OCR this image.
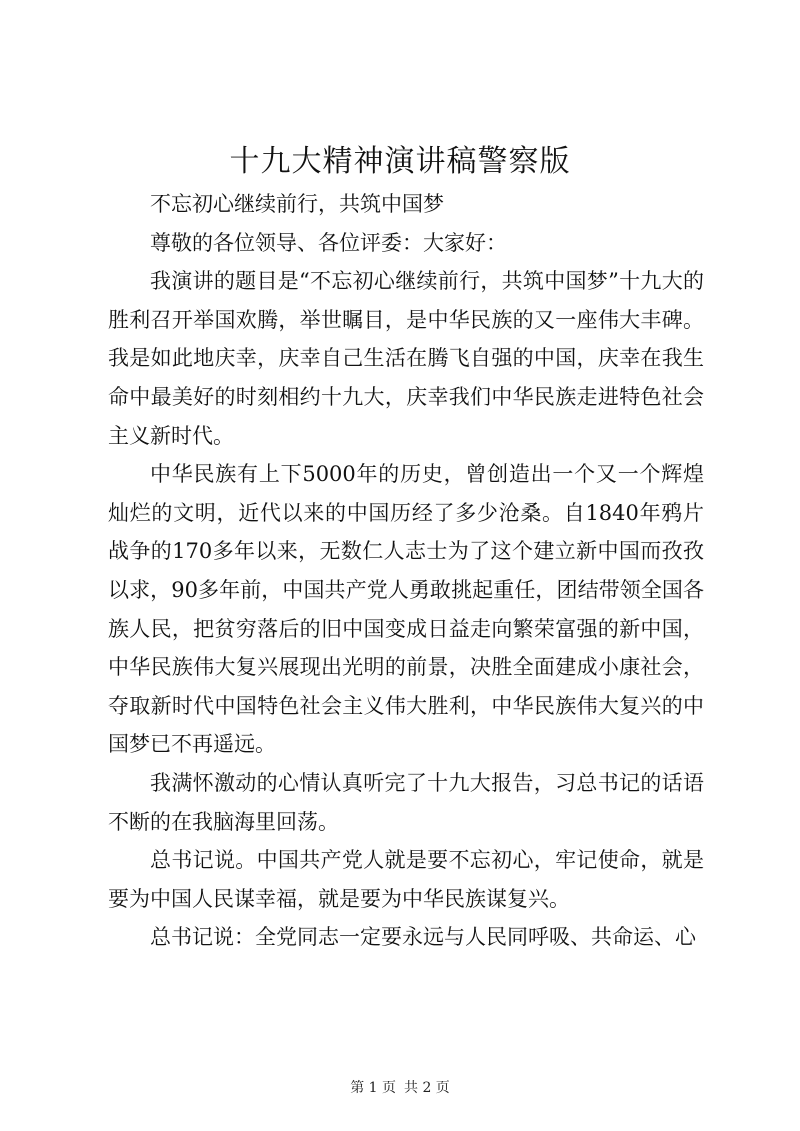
十九大精神演讲稿警察版

不忘初心继续前行，共筑中国梦

尊敬的各位领导、各位评委：大家好：

我演讲的题目是“不忘初心继续前行，共筑中国梦”十九大的胜利召开举国欢腾，举世瞩目，是中华民族的又一座伟大丰碑。我是如此地庆幸，庆幸自己生活在腾飞自强的中国，庆幸在我生命中最美好的时刻相约十九大，庆幸我们中华民族走进特色社会主义新时代。

中华民族有上下5000年的历史，曾创造出一个又一个辉煌灿烂的文明，近代以来的中国历经了多少沧桑。自1840年鸦片战争的170多年以来，无数仁人志士为了这个建立新中国而孜孜以求，90多年前，中国共产党人勇敢挑起重任，团结带领全国各族人民，把贫穷落后的旧中国变成日益走向繁荣富强的新中国，中华民族伟大复兴展现出光明的前景，决胜全面建成小康社会，夺取新时代中国特色社会主义伟大胜利，中华民族伟大复兴的中国梦已不再遥远。

我满怀激动的心情认真听完了十九大报告，习总书记的话语不断的在我脑海里回荡。

总书记说。中国共产党人就是要不忘初心，牢记使命，就是要为中国人民谋幸福，就是要为中华民族谋复兴。

总书记说：全党同志一定要永远与人民同呼吸、共命运、心

第 1 页 共 2 页
